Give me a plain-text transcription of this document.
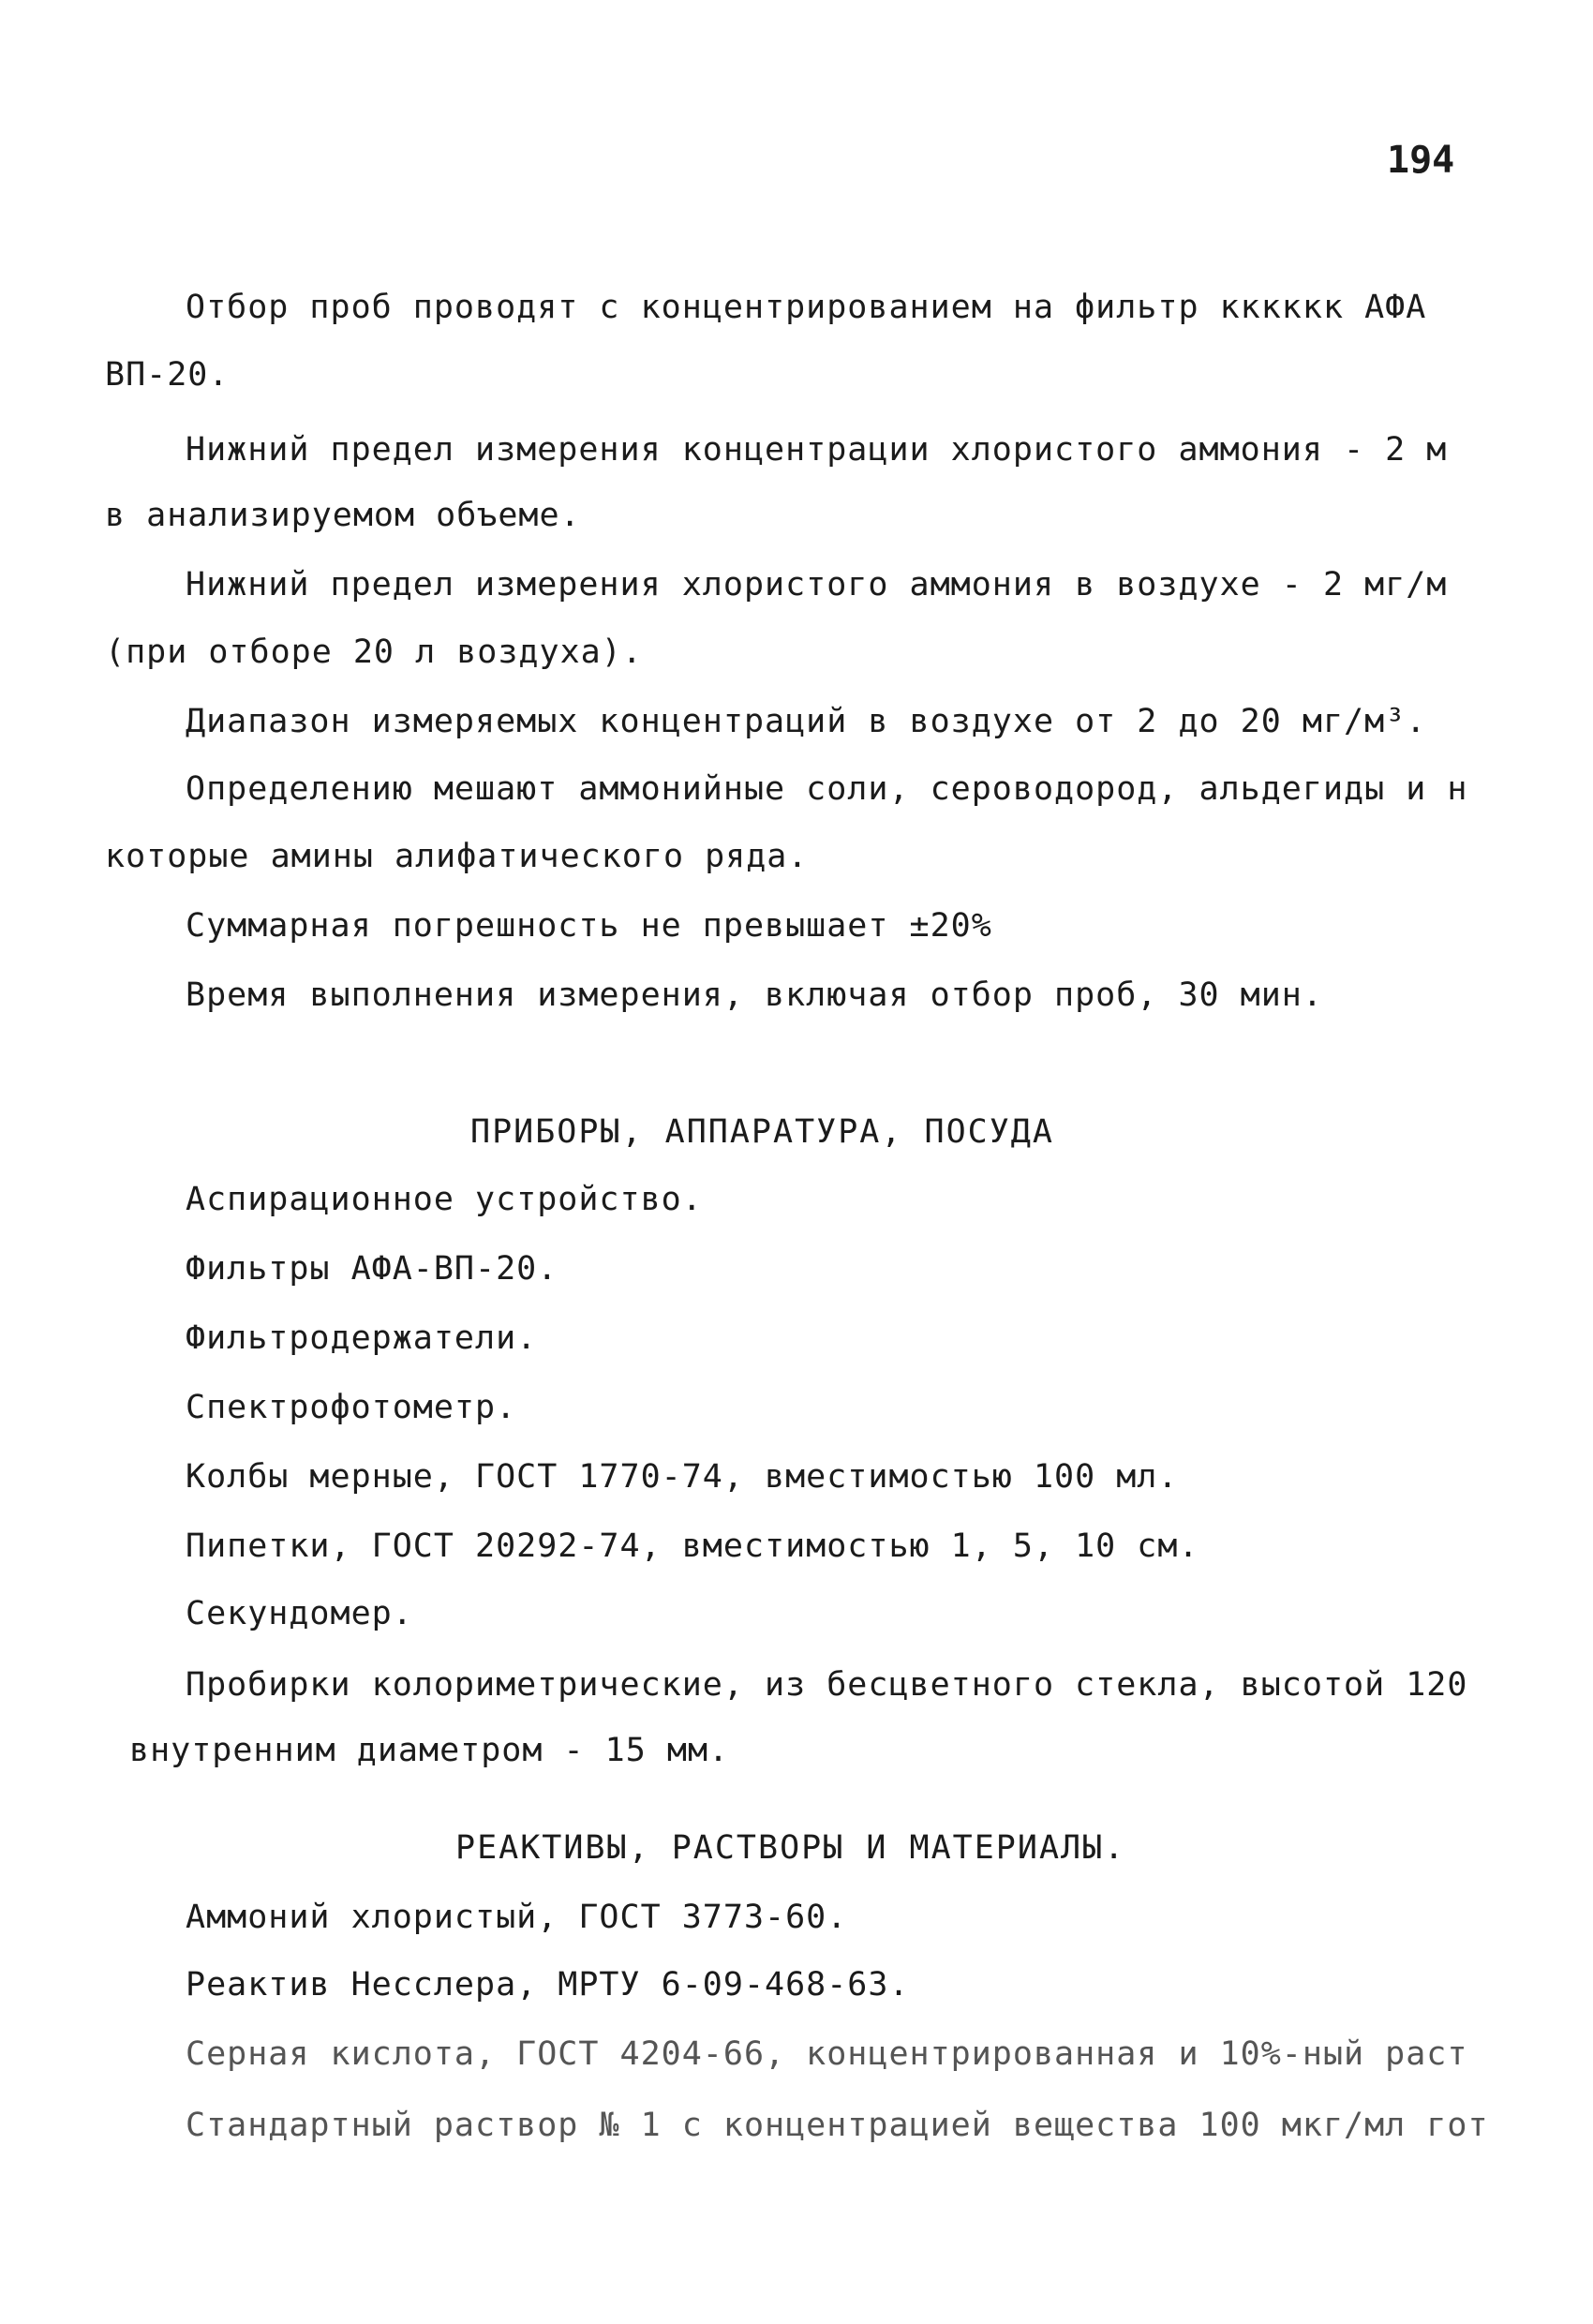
194
Отбор проб проводят с концентрированием на фильтр кккккк АФА
ВП-20.
Нижний предел измерения концентрации хлористого аммония - 2 м
в анализируемом объеме.
Нижний предел измерения хлористого аммония в воздухе - 2 мг/м
(при отборе 20 л воздуха).
Диапазон измеряемых концентраций в воздухе от 2 до 20 мг/м³.
Определению мешают аммонийные соли, сероводород, альдегиды и н
которые амины алифатического ряда.
Суммарная погрешность не превышает ±20%
Время выполнения измерения, включая отбор проб, 30 мин.
ПРИБОРЫ, АППАРАТУРА, ПОСУДА
Аспирационное устройство.
Фильтры АФА-ВП-20.
Фильтродержатели.
Спектрофотометр.
Колбы мерные, ГОСТ 1770-74, вместимостью 100 мл.
Пипетки, ГОСТ 20292-74, вместимостью 1, 5, 10 см.
Секундомер.
Пробирки колориметрические, из бесцветного стекла, высотой 120
внутренним диаметром - 15 мм.
РЕАКТИВЫ, РАСТВОРЫ И МАТЕРИАЛЫ.
Аммоний хлористый, ГОСТ 3773-60.
Реактив Несслера, МРТУ 6-09-468-63.
Серная кислота, ГОСТ 4204-66, концентрированная и 10%-ный раст
Стандартный раствор № 1 с концентрацией вещества 100 мкг/мл гот
